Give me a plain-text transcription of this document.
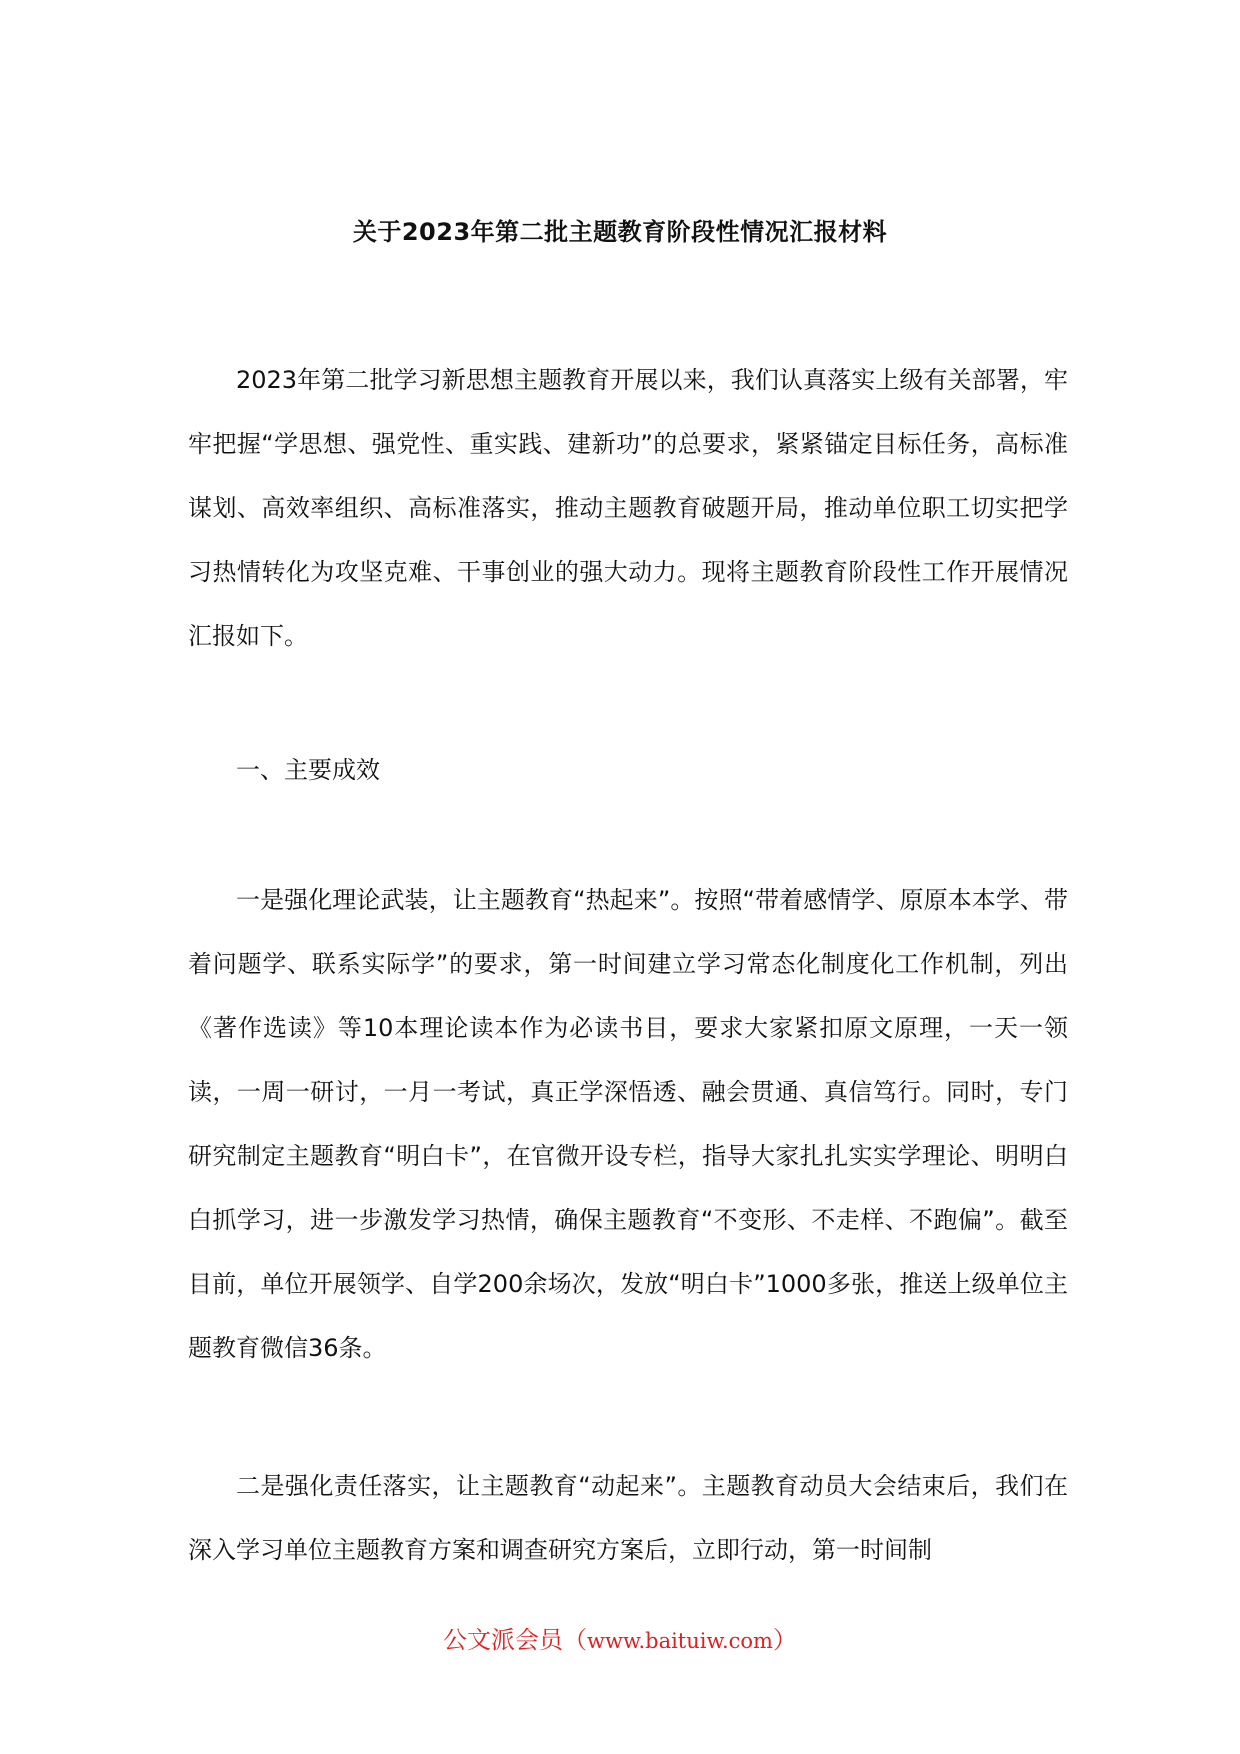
关于2023年第二批主题教育阶段性情况汇报材料

2023年第二批学习新思想主题教育开展以来，我们认真落实上级有关部署，牢牢把握“学思想、强党性、重实践、建新功”的总要求，紧紧锚定目标任务，高标准谋划、高效率组织、高标准落实，推动主题教育破题开局，推动单位职工切实把学习热情转化为攻坚克难、干事创业的强大动力。现将主题教育阶段性工作开展情况汇报如下。

一、主要成效

一是强化理论武装，让主题教育“热起来”。按照“带着感情学、原原本本学、带着问题学、联系实际学”的要求，第一时间建立学习常态化制度化工作机制，列出《著作选读》等10本理论读本作为必读书目，要求大家紧扣原文原理，一天一领读，一周一研讨，一月一考试，真正学深悟透、融会贯通、真信笃行。同时，专门研究制定主题教育“明白卡”，在官微开设专栏，指导大家扎扎实实学理论、明明白白抓学习，进一步激发学习热情，确保主题教育“不变形、不走样、不跑偏”。截至目前，单位开展领学、自学200余场次，发放“明白卡”1000多张，推送上级单位主题教育微信36条。

二是强化责任落实，让主题教育“动起来”。主题教育动员大会结束后，我们在深入学习单位主题教育方案和调查研究方案后，立即行动，第一时间制

公文派会员（www.baituiw.com）
